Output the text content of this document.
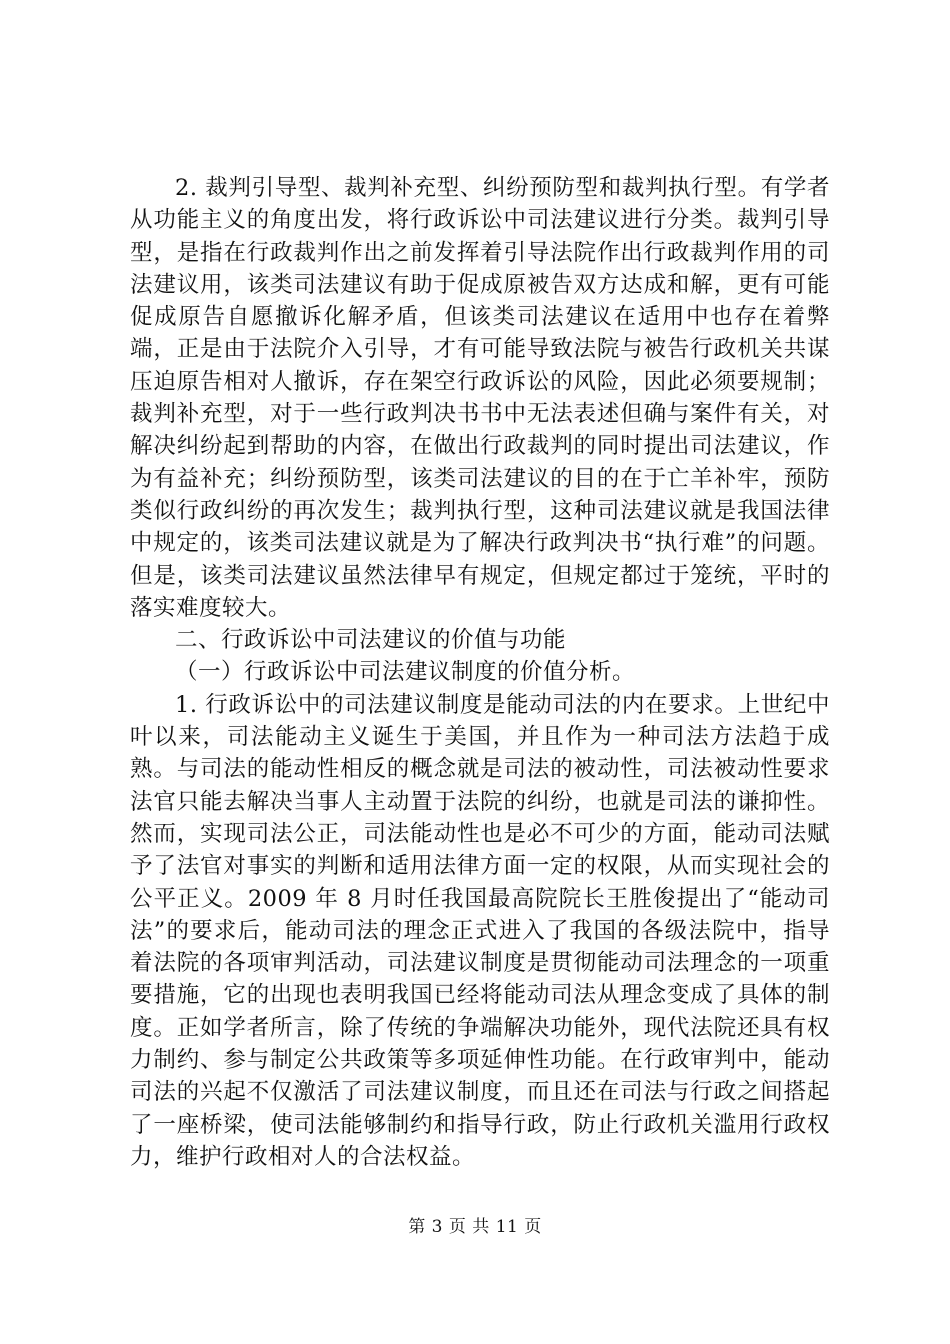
2. 裁判引导型、裁判补充型、纠纷预防型和裁判执行型。有学者从功能主义的角度出发，将行政诉讼中司法建议进行分类。裁判引导型，是指在行政裁判作出之前发挥着引导法院作出行政裁判作用的司法建议用，该类司法建议有助于促成原被告双方达成和解，更有可能促成原告自愿撤诉化解矛盾，但该类司法建议在适用中也存在着弊端，正是由于法院介入引导，才有可能导致法院与被告行政机关共谋压迫原告相对人撤诉，存在架空行政诉讼的风险，因此必须要规制；裁判补充型，对于一些行政判决书书中无法表述但确与案件有关，对解决纠纷起到帮助的内容，在做出行政裁判的同时提出司法建议，作为有益补充；纠纷预防型，该类司法建议的目的在于亡羊补牢，预防类似行政纠纷的再次发生；裁判执行型，这种司法建议就是我国法律中规定的，该类司法建议就是为了解决行政判决书“执行难”的问题。但是，该类司法建议虽然法律早有规定，但规定都过于笼统，平时的落实难度较大。

二、行政诉讼中司法建议的价值与功能

（一）行政诉讼中司法建议制度的价值分析。

1. 行政诉讼中的司法建议制度是能动司法的内在要求。上世纪中叶以来，司法能动主义诞生于美国，并且作为一种司法方法趋于成熟。与司法的能动性相反的概念就是司法的被动性，司法被动性要求法官只能去解决当事人主动置于法院的纠纷，也就是司法的谦抑性。然而，实现司法公正，司法能动性也是必不可少的方面，能动司法赋予了法官对事实的判断和适用法律方面一定的权限，从而实现社会的公平正义。2009 年 8 月时任我国最高院院长王胜俊提出了“能动司法”的要求后，能动司法的理念正式进入了我国的各级法院中，指导着法院的各项审判活动，司法建议制度是贯彻能动司法理念的一项重要措施，它的出现也表明我国已经将能动司法从理念变成了具体的制度。正如学者所言，除了传统的争端解决功能外，现代法院还具有权力制约、参与制定公共政策等多项延伸性功能。在行政审判中，能动司法的兴起不仅激活了司法建议制度，而且还在司法与行政之间搭起了一座桥梁，使司法能够制约和指导行政，防止行政机关滥用行政权力，维护行政相对人的合法权益。

第 3 页 共 11 页
